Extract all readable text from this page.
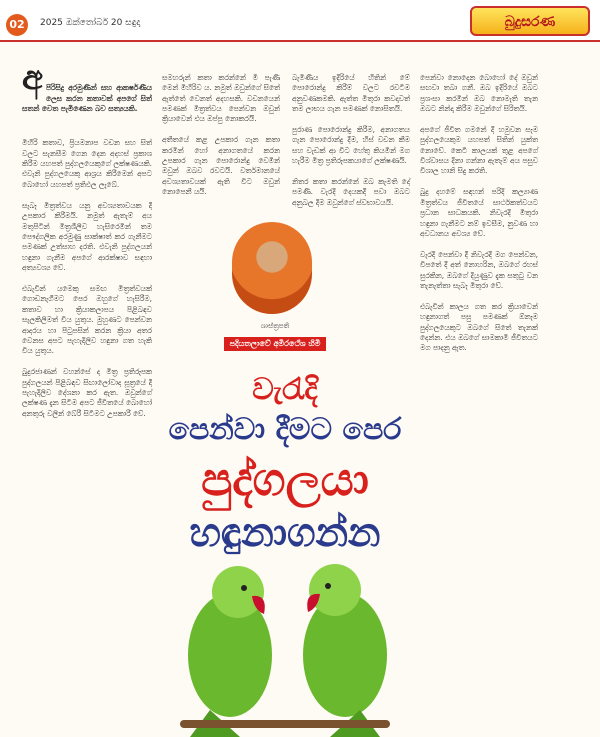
02	2025 ඔක්තෝබර් 20 සඳුදා	බුදුසරණ

අ

පිරිසිදු අරමුණින් සහ ආකර්ෂණීය ලෙස කරන කතාවක් අපගේ සිත් සතන් වෙත පැමිණෙන බව සත්‍යයකි.

මිහිරි කතාව, ප්‍රියමනාප වචන සහ සිත් වලට සැනසීම ගෙන දෙන අදහස් ප්‍රකාශ කිරීම යහපත් පුද්ගලයෙකුගේ ලක්ෂණයකි. එවැනි පුද්ගලයෙකු ආශ්‍රය කිරීමෙන් අපට බොහෝ යහපත් ප්‍රතිඵල ලැබේ.

සැබෑ මිත්‍රත්වය යනු අවශ්‍යතාවයක දී උපකාර කිරීමයි. නමුත් ඇතැම් අය මතුපිටින් මිත්‍රශීලීව හැසිරෙමින් තම පෞද්ගලික අරමුණු සාක්ෂාත් කර ගැනීමට පමණක් උත්සාහ දරති. එවැනි පුද්ගලයන් හඳුනා ගැනීම අපගේ ආරක්ෂාව සඳහා අත්‍යවශ්‍ය වේ.

එබැවින් යමෙකු සමඟ මිත්‍රත්වයක් ගොඩනැගීමට පෙර ඔහුගේ හැසිරීම, කතාව හා ක්‍රියාකලාපය පිළිබඳව සැලකිලිමත් විය යුතුය. මුහුණට පෙන්වන ආදරය හා පිටුපසින් කරන ක්‍රියා අතර වෙනස අපට පැහැදිලිව හඳුනා ගත හැකි විය යුතුය.

බුදුරජාණන් වහන්සේ ද මිත්‍ර ප්‍රතිරූපක පුද්ගලයන් පිළිබඳව සිඟාලෝවාද සූත්‍රයේ දී පැහැදිලිව දේශනා කර ඇත. ඔවුන්ගේ ලක්ෂණ දැන සිටීම අපට ජීවිතයේ බොහෝ අනතුරු වලින් බේරී සිටීමට උපකාරී වේ.

සමහරුන් කතා කරන්නේ මී පැණි මෙන් මිහිරිව ය. නමුත් ඔවුන්ගේ සිතේ ඇත්තේ වෙනත් අදහසකි. වචනයෙන් පමණක් මිත්‍රත්වය පෙන්වන ඔවුන් ක්‍රියාවෙන් එය ඔප්පු නොකරයි.

අතීතයේ කළ උපකාර ගැන කතා කරමින් හෝ අනාගතයේ කරන උපකාර ගැන පොරොන්දු වෙමින් ඔවුන් ඔබව රවටයි. වර්තමානයේ අවශ්‍යතාවයක් ඇති විට ඔවුන් නොපෙනී යයි.

බැමිණිය ඉදිරියේ හිතින් මේ පොරොන්දු කිරීම් වලට රවටීම අනුවණකමකි. ඇත්ත මිතුරා කවදාවත් තම ලාභය ගැන පමණක් නොසිතයි.

පුරාණ පොරොන්දු කිරීම, අනාගතය ගැන පොරොන්දු දීම, හිස් වචන කීම සහ වැඩක් ආ විට හේතු කියමින් මග හැරීම මිත්‍ර ප්‍රතිරූපකයාගේ ලක්ෂණයි.

නිතර කතා කරන්නේ ඔබ කැමති දේ පමණි. වැරදි දෙයකදී පවා ඔබට අනුබල දීම ඔවුන්ගේ ස්වභාවයයි.

පෙන්වා නොදෙන බොහෝ දේ ඔවුන් සඟවා තබා ගනී. ඔබ ඉදිරියේ ඔබට ප්‍රශංසා කරමින් ඔබ නොමැති තැන ඔබට නින්දා කිරීම ඔවුන්ගේ සිරිතයි.

අපගේ ජීවිත ගමනේ දී හමුවන සෑම පුද්ගලයෙකුම යහපත් සිතින් යුක්ත නොවේ. කෙටි කාලයක් තුළ අපගේ විශ්වාසය දිනා ගන්නා ඇතැම් අය පසුව විශාල හානි සිදු කරති.

බුදු දහමේ සඳහන් පරිදි කල්‍යාණ මිත්‍රත්වය ජීවිතයේ සාර්ථකත්වයට ප්‍රධාන සාධකයකි. නිවැරදි මිතුරා හඳුනා ගැනීමට නම් ඉවසීම, නුවණ හා අවධානය අවශ්‍ය වේ.

වැරදි පෙන්වා දී නිවැරදි මග පෙන්වන, විපතේ දී අත් නොහරින, ඔබගේ රහස් සුරකින, ඔබගේ දියුණුව දැක සතුටු වන තැනැත්තා සැබෑ මිතුරා වේ.

එබැවින් කාලය ගත කර ක්‍රියාවෙන් හඳුනාගත් පසු පමණක් ඕනෑම පුද්ගලයෙකුට ඔබගේ සිතේ තැනක් දෙන්න. එය ඔබගේ සාමකාමී ජීවිතයට මග පාදනු ඇත.

ශාස්ත්‍රපති
පදියතලාවේ අමිරථේශ හිමි
වැරැදි
පෙන්වා දීමට පෙර
පුද්ගලයා
හඳුනාගන්න
